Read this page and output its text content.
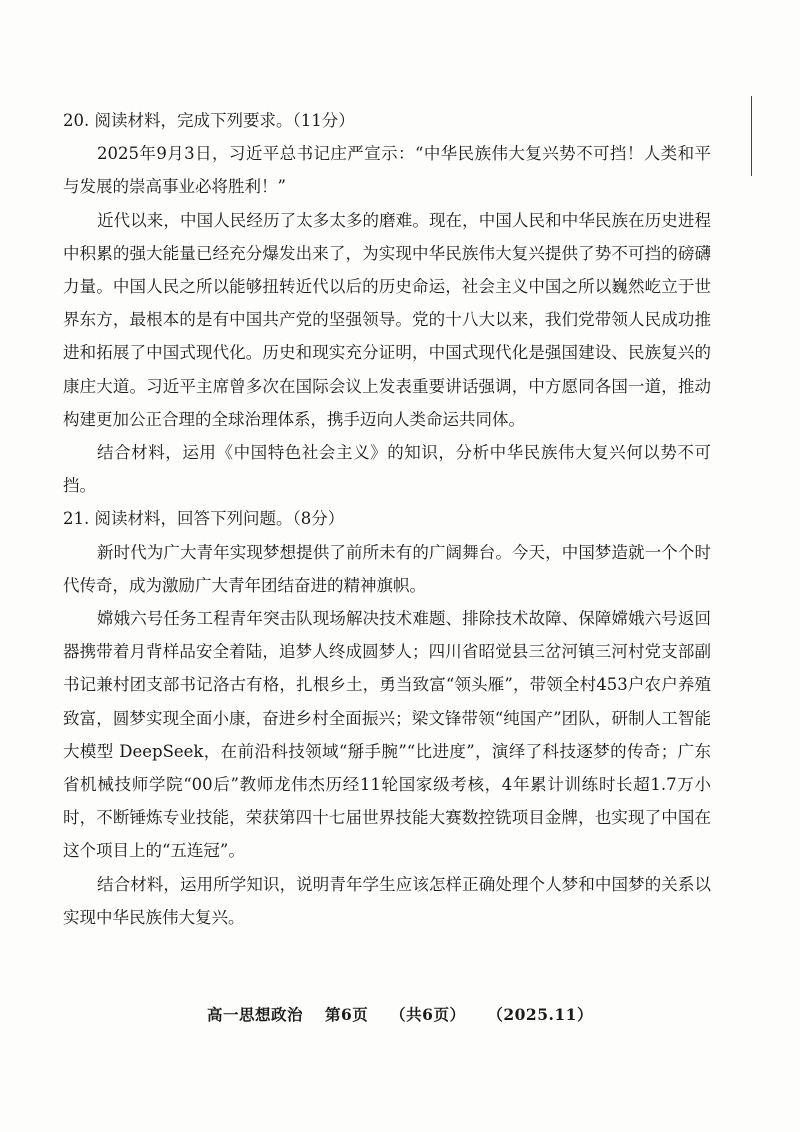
20. 阅读材料，完成下列要求。（11分）

2025年9月3日，习近平总书记庄严宣示：“中华民族伟大复兴势不可挡！人类和平与发展的崇高事业必将胜利！”

近代以来，中国人民经历了太多太多的磨难。现在，中国人民和中华民族在历史进程中积累的强大能量已经充分爆发出来了，为实现中华民族伟大复兴提供了势不可挡的磅礴力量。中国人民之所以能够扭转近代以后的历史命运，社会主义中国之所以巍然屹立于世界东方，最根本的是有中国共产党的坚强领导。党的十八大以来，我们党带领人民成功推进和拓展了中国式现代化。历史和现实充分证明，中国式现代化是强国建设、民族复兴的康庄大道。习近平主席曾多次在国际会议上发表重要讲话强调，中方愿同各国一道，推动构建更加公正合理的全球治理体系，携手迈向人类命运共同体。

结合材料，运用《中国特色社会主义》的知识，分析中华民族伟大复兴何以势不可挡。

21. 阅读材料，回答下列问题。（8分）

新时代为广大青年实现梦想提供了前所未有的广阔舞台。今天，中国梦造就一个个时代传奇，成为激励广大青年团结奋进的精神旗帜。

嫦娥六号任务工程青年突击队现场解决技术难题、排除技术故障、保障嫦娥六号返回器携带着月背样品安全着陆，追梦人终成圆梦人；四川省昭觉县三岔河镇三河村党支部副书记兼村团支部书记洛古有格，扎根乡土，勇当致富“领头雁”，带领全村453户农户养殖致富，圆梦实现全面小康，奋进乡村全面振兴；梁文锋带领“纯国产”团队，研制人工智能大模型 DeepSeek，在前沿科技领域“掰手腕”“比进度”，演绎了科技逐梦的传奇；广东省机械技师学院“00后”教师龙伟杰历经11轮国家级考核，4年累计训练时长超1.7万小时，不断锤炼专业技能，荣获第四十七届世界技能大赛数控铣项目金牌，也实现了中国在这个项目上的“五连冠”。

结合材料，运用所学知识，说明青年学生应该怎样正确处理个人梦和中国梦的关系以实现中华民族伟大复兴。

高一思想政治 第6页 （共6页） （2025.11）
